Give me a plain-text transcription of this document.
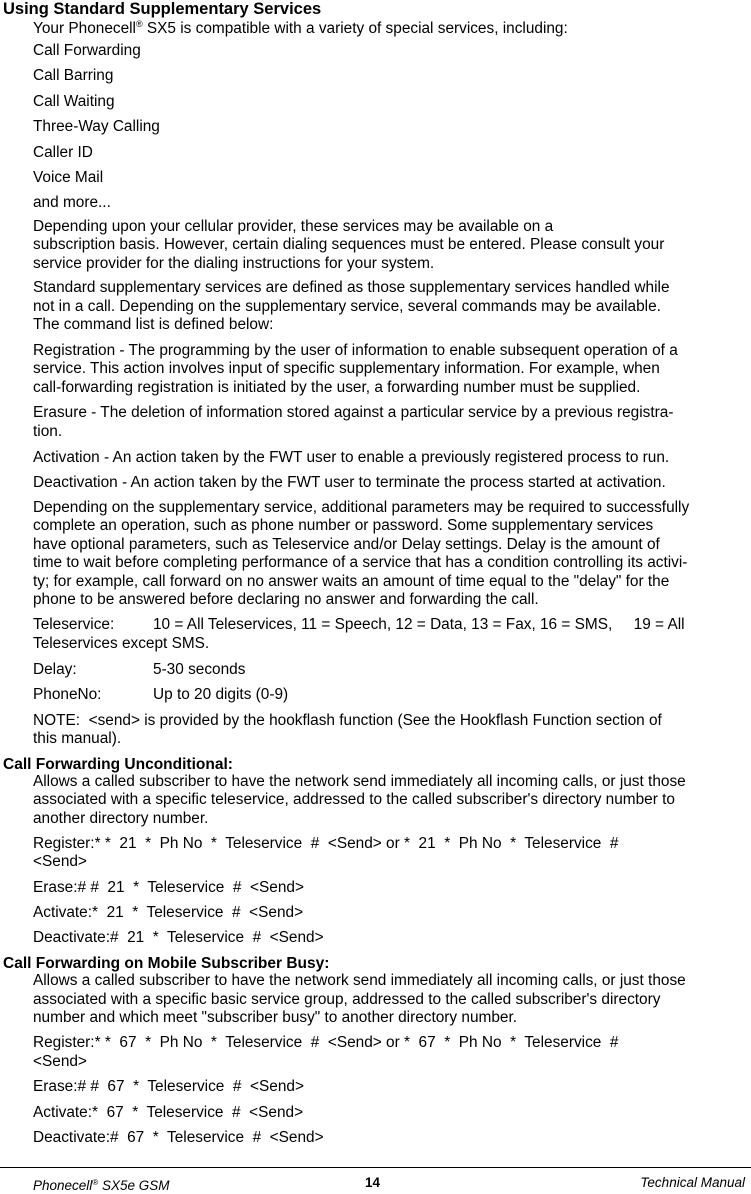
Using Standard Supplementary Services
Your Phonecell® SX5 is compatible with a variety of special services, including:
Call Forwarding
Call Barring
Call Waiting
Three-Way Calling
Caller ID
Voice Mail
and more...
Depending upon your cellular provider, these services may be available on a
subscription basis. However, certain dialing sequences must be entered. Please consult your
service provider for the dialing instructions for your system.
Standard supplementary services are defined as those supplementary services handled while
not in a call. Depending on the supplementary service, several commands may be available.
The command list is defined below:
Registration - The programming by the user of information to enable subsequent operation of a
service. This action involves input of specific supplementary information. For example, when
call-forwarding registration is initiated by the user, a forwarding number must be supplied.
Erasure - The deletion of information stored against a particular service by a previous registra-
tion.
Activation - An action taken by the FWT user to enable a previously registered process to run.
Deactivation - An action taken by the FWT user to terminate the process started at activation.
Depending on the supplementary service, additional parameters may be required to successfully
complete an operation, such as phone number or password. Some supplementary services
have optional parameters, such as Teleservice and/or Delay settings. Delay is the amount of
time to wait before completing performance of a service that has a condition controlling its activi-
ty; for example, call forward on no answer waits an amount of time equal to the "delay" for the
phone to be answered before declaring no answer and forwarding the call.
Teleservice:	10 = All Teleservices, 11 = Speech, 12 = Data, 13 = Fax, 16 = SMS,     19 = All
Teleservices except SMS.
Delay:	5-30 seconds
PhoneNo:	Up to 20 digits (0-9)
NOTE:  <send> is provided by the hookflash function (See the Hookflash Function section of
this manual).
Call Forwarding Unconditional:
Allows a called subscriber to have the network send immediately all incoming calls, or just those
associated with a specific teleservice, addressed to the called subscriber's directory number to
another directory number.
Register:* *  21  *  Ph No  *  Teleservice  #  <Send> or *  21  *  Ph No  *  Teleservice  #
<Send>
Erase:# #  21  *  Teleservice  #  <Send>
Activate:*  21  *  Teleservice  #  <Send>
Deactivate:#  21  *  Teleservice  #  <Send>
Call Forwarding on Mobile Subscriber Busy:
Allows a called subscriber to have the network send immediately all incoming calls, or just those
associated with a specific basic service group, addressed to the called subscriber's directory
number and which meet "subscriber busy" to another directory number.
Register:* *  67  *  Ph No  *  Teleservice  #  <Send> or *  67  *  Ph No  *  Teleservice  #
<Send>
Erase:# #  67  *  Teleservice  #  <Send>
Activate:*  67  *  Teleservice  #  <Send>
Deactivate:#  67  *  Teleservice  #  <Send>
Phonecell® SX5e GSM	14	Technical Manual
